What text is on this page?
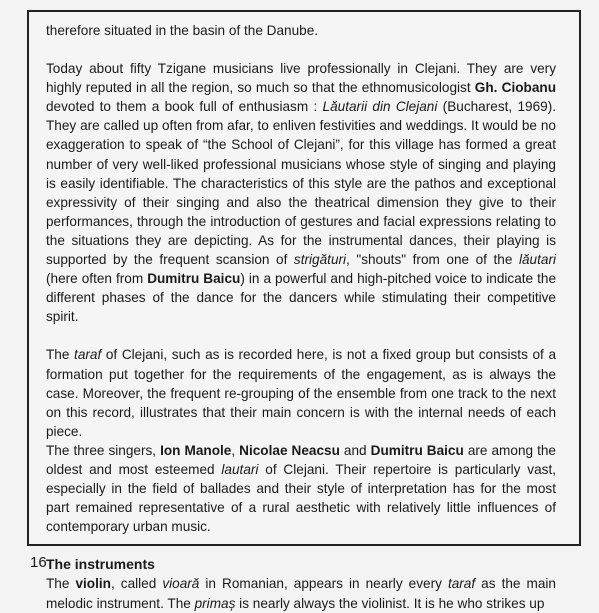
therefore situated in the basin of the Danube.

Today about fifty Tzigane musicians live professionally in Clejani. They are very highly reputed in all the region, so much so that the ethnomusicologist Gh. Ciobanu devoted to them a book full of enthusiasm : Lăutarii din Clejani (Bucharest, 1969). They are called up often from afar, to enliven festivities and weddings. It would be no exaggeration to speak of “the School of Clejani”, for this village has formed a great number of very well-liked professional musicians whose style of singing and playing is easily identifiable. The characteristics of this style are the pathos and exceptional expressivity of their singing and also the theatrical dimension they give to their performances, through the introduction of gestures and facial expressions relating to the situations they are depicting. As for the instrumental dances, their playing is supported by the frequent scansion of strigături, "shouts" from one of the lăutari (here often from Dumitru Baicu) in a powerful and high-pitched voice to indicate the different phases of the dance for the dancers while stimulating their competitive spirit.

The taraf of Clejani, such as is recorded here, is not a fixed group but consists of a formation put together for the requirements of the engagement, as is always the case. Moreover, the frequent re-grouping of the ensemble from one track to the next on this record, illustrates that their main concern is with the internal needs of each piece.

The three singers, Ion Manole, Nicolae Neacsu and Dumitru Baicu are among the oldest and most esteemed lautari of Clejani. Their repertoire is particularly vast, especially in the field of ballades and their style of interpretation has for the most part remained representative of a rural aesthetic with relatively little influences of contemporary urban music.

The instruments

The violin, called vioară in Romanian, appears in nearly every taraf as the main melodic instrument. The primaș is nearly always the violinist. It is he who strikes up

16
